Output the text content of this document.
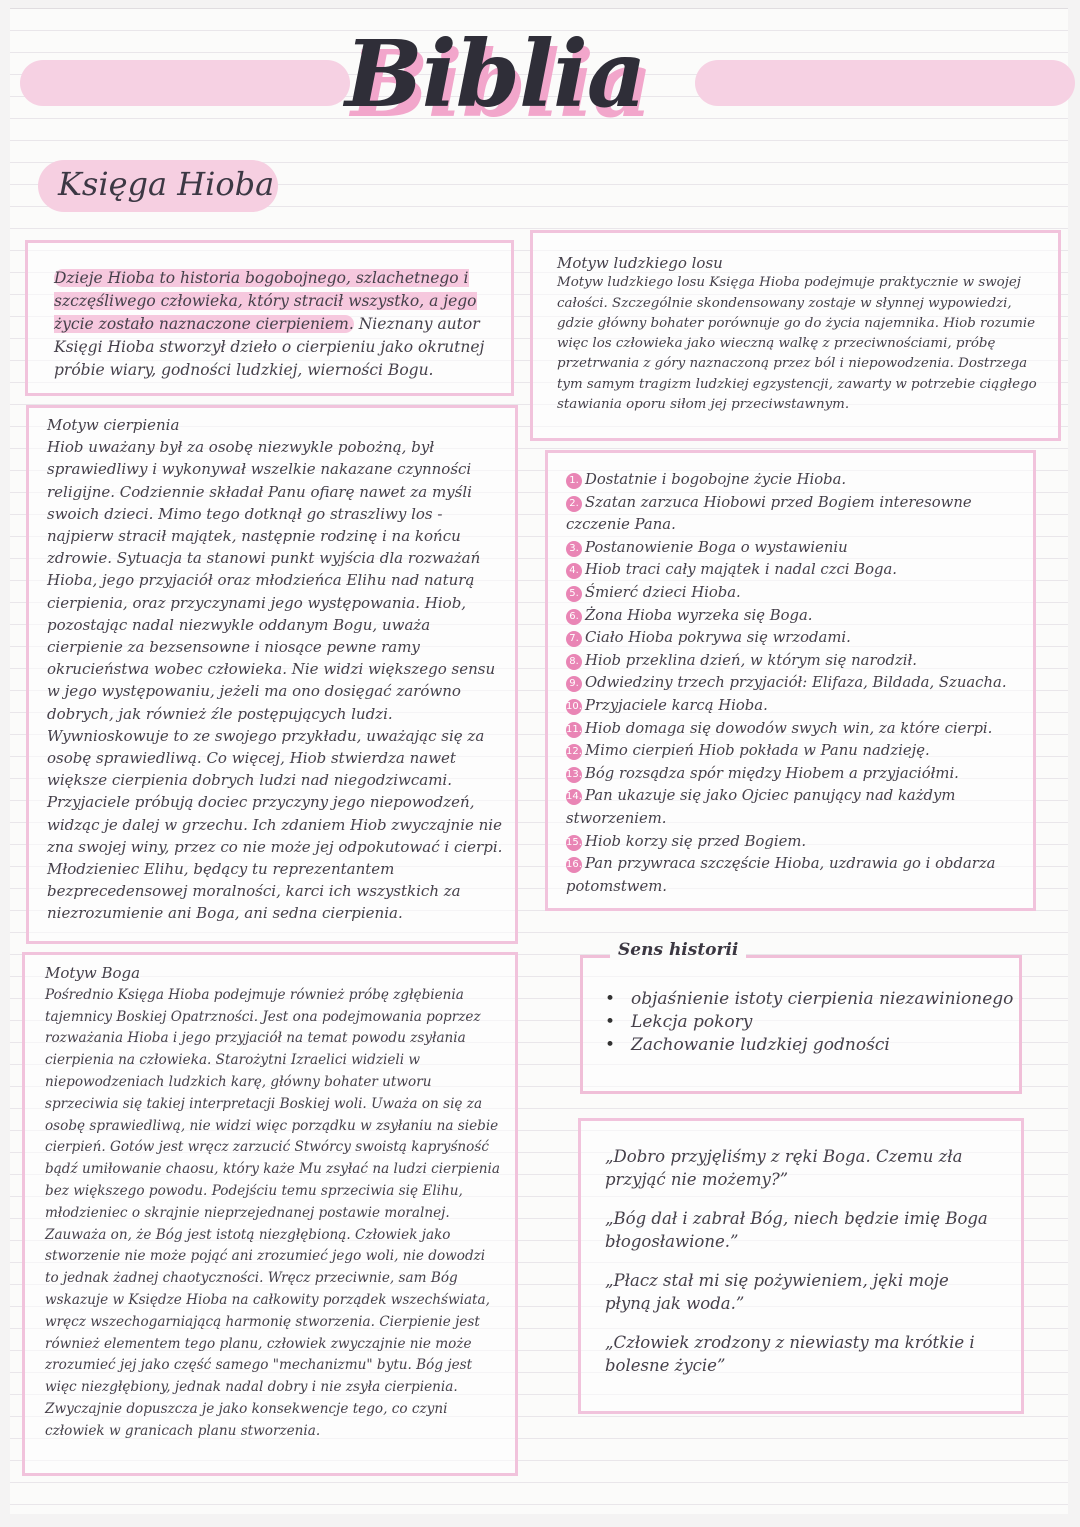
Biblia
Księga Hioba

Dzieje Hioba to historia bogobojnego, szlachetnego i szczęśliwego człowieka, który stracił wszystko, a jego życie zostało naznaczone cierpieniem. Nieznany autor Księgi Hioba stworzył dzieło o cierpieniu jako okrutnej próbie wiary, godności ludzkiej, wierności Bogu.

Motyw cierpienia

Hiob uważany był za osobę niezwykle pobożną, był sprawiedliwy i wykonywał wszelkie nakazane czynności religijne. Codziennie składał Panu ofiarę nawet za myśli swoich dzieci. Mimo tego dotknął go straszliwy los - najpierw stracił majątek, następnie rodzinę i na końcu zdrowie. Sytuacja ta stanowi punkt wyjścia dla rozważań Hioba, jego przyjaciół oraz młodzieńca Elihu nad naturą cierpienia, oraz przyczynami jego występowania. Hiob, pozostając nadal niezwykle oddanym Bogu, uważa cierpienie za bezsensowne i niosące pewne ramy okrucieństwa wobec człowieka. Nie widzi większego sensu w jego występowaniu, jeżeli ma ono dosięgać zarówno dobrych, jak również źle postępujących ludzi. Wywnioskowuje to ze swojego przykładu, uważając się za osobę sprawiedliwą. Co więcej, Hiob stwierdza nawet większe cierpienia dobrych ludzi nad niegodziwcami. Przyjaciele próbują dociec przyczyny jego niepowodzeń, widząc je dalej w grzechu. Ich zdaniem Hiob zwyczajnie nie zna swojej winy, przez co nie może jej odpokutować i cierpi. Młodzieniec Elihu, będący tu reprezentantem bezprecedensowej moralności, karci ich wszystkich za niezrozumienie ani Boga, ani sedna cierpienia.

Motyw Boga

Pośrednio Księga Hioba podejmuje również próbę zgłębienia tajemnicy Boskiej Opatrzności. Jest ona podejmowania poprzez rozważania Hioba i jego przyjaciół na temat powodu zsyłania cierpienia na człowieka. Starożytni Izraelici widzieli w niepowodzeniach ludzkich karę, główny bohater utworu sprzeciwia się takiej interpretacji Boskiej woli. Uważa on się za osobę sprawiedliwą, nie widzi więc porządku w zsyłaniu na siebie cierpień. Gotów jest wręcz zarzucić Stwórcy swoistą kapryśność bądź umiłowanie chaosu, który każe Mu zsyłać na ludzi cierpienia bez większego powodu. Podejściu temu sprzeciwia się Elihu, młodzieniec o skrajnie nieprzejednanej postawie moralnej. Zauważa on, że Bóg jest istotą niezgłębioną. Człowiek jako stworzenie nie może pojąć ani zrozumieć jego woli, nie dowodzi to jednak żadnej chaotyczności. Wręcz przeciwnie, sam Bóg wskazuje w Księdze Hioba na całkowity porządek wszechświata, wręcz wszechogarniającą harmonię stworzenia. Cierpienie jest również elementem tego planu, człowiek zwyczajnie nie może zrozumieć jej jako część samego "mechanizmu" bytu. Bóg jest więc niezgłębiony, jednak nadal dobry i nie zsyła cierpienia. Zwyczajnie dopuszcza je jako konsekwencje tego, co czyni człowiek w granicach planu stworzenia.

Motyw ludzkiego losu

Motyw ludzkiego losu Księga Hioba podejmuje praktycznie w swojej całości. Szczególnie skondensowany zostaje w słynnej wypowiedzi, gdzie główny bohater porównuje go do życia najemnika. Hiob rozumie więc los człowieka jako wieczną walkę z przeciwnościami, próbę przetrwania z góry naznaczoną przez ból i niepowodzenia. Dostrzega tym samym tragizm ludzkiej egzystencji, zawarty w potrzebie ciągłego stawiania oporu siłom jej przeciwstawnym.

1. Dostatnie i bogobojne życie Hioba.
2. Szatan zarzuca Hiobowi przed Bogiem interesowne czczenie Pana.
3. Postanowienie Boga o wystawieniu
4. Hiob traci cały majątek i nadal czci Boga.
5. Śmierć dzieci Hioba.
6. Żona Hioba wyrzeka się Boga.
7. Ciało Hioba pokrywa się wrzodami.
8. Hiob przeklina dzień, w którym się narodził.
9. Odwiedziny trzech przyjaciół: Elifaza, Bildada, Szuacha.
10. Przyjaciele karcą Hioba.
11. Hiob domaga się dowodów swych win, za które cierpi.
12. Mimo cierpień Hiob pokłada w Panu nadzieję.
13. Bóg rozsądza spór między Hiobem a przyjaciółmi.
14. Pan ukazuje się jako Ojciec panujący nad każdym stworzeniem.
15. Hiob korzy się przed Bogiem.
16. Pan przywraca szczęście Hioba, uzdrawia go i obdarza potomstwem.
• objaśnienie istoty cierpienia niezawinionego
• Lekcja pokory
• Zachowanie ludzkiej godności
Sens historii

„Dobro przyjęliśmy z ręki Boga. Czemu zła przyjąć nie możemy?”

„Bóg dał i zabrał Bóg, niech będzie imię Boga błogosławione.”

„Płacz stał mi się pożywieniem, jęki moje płyną jak woda.”

„Człowiek zrodzony z niewiasty ma krótkie i bolesne życie”
